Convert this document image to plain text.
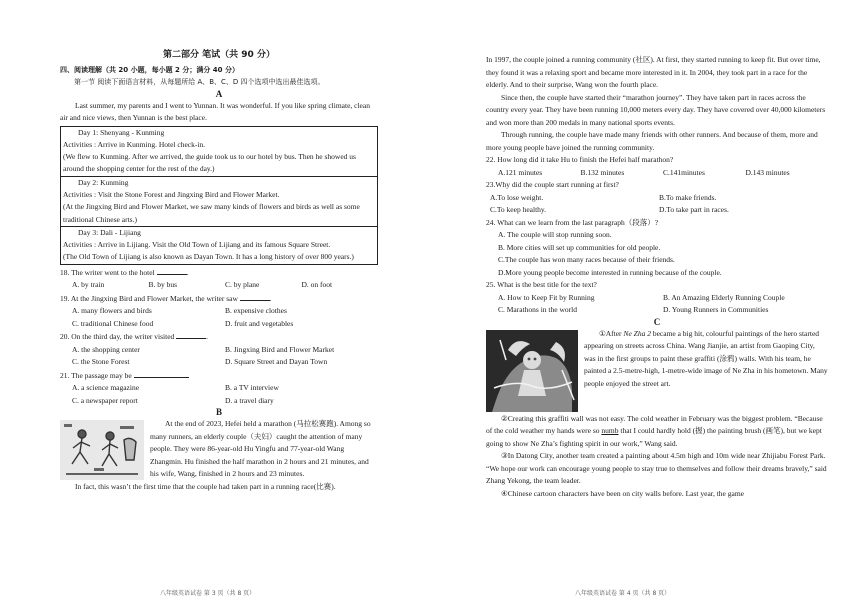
第二部分 笔试（共 90 分）

四、阅读理解（共 20 小题，每小题 2 分；满分 40 分）

第一节 阅读下面语言材料，从每题所给 A、B、C、D 四个选项中选出最佳选项。

A

Last summer, my parents and I went to Yunnan. It was wonderful. If you like spring climate, clean air and nice views, then Yunnan is the best place.

Day 1: Shenyang - Kunming

Activities : Arrive in Kunming. Hotel check-in.

(We flew to Kunming. After we arrived, the guide took us to our hotel by bus. Then he showed us around the shopping center for the rest of the day.)

Day 2: Kunming

Activities : Visit the Stone Forest and Jingxing Bird and Flower Market.

(At the Jingxing Bird and Flower Market, we saw many kinds of flowers and birds as well as some traditional Chinese arts.)

Day 3: Dali - Lijiang

Activities : Arrive in Lijiang. Visit the Old Town of Lijiang and its famous Square Street.

(The Old Town of Lijiang is also known as Dayan Town. It has a long history of over 800 years.)

18. The writer went to the hotel	.

A. by train	B. by bus	C. by plane	D. on foot

19. At the Jingxing Bird and Flower Market, the writer saw	.

A. many flowers and birds	B. expensive clothes
C. traditional Chinese food	D. fruit and vegetables

20. On the third day, the writer visited	.

A. the shopping center	B. Jingxing Bird and Flower Market
C. the Stone Forest	D. Square Street and Dayan Town

21. The passage may be

A. a science magazine	B. a TV interview
C. a newspaper report	D. a travel diary

B

At the end of 2023, Hefei held a marathon (马拉松赛跑). Among so many runners, an elderly couple（夫妇）caught the attention of many people. They were 86-year-old Hu Yingfu and 77-year-old Wang Zhangmin. Hu finished the half marathon in 2 hours and 21 minutes, and his wife, Wang, finished in 2 hours and 23 minutes.

In fact, this wasn’t the first time that the couple had taken part in a running race(比赛).

八年级英语试卷 第 3 页（共 8 页）

In 1997, the couple joined a running community (社区). At first, they started running to keep fit. But over time, they found it was a relaxing sport and became more interested in it. In 2004, they took part in a race for the elderly. And to their surprise, Wang won the fourth place.

Since then, the couple have started their “marathon journey”. They have taken part in races across the country every year. They have been running 10,000 meters every day. They have covered over 40,000 kilometers and won more than 200 medals in many national sports events.

Through running, the couple have made many friends with other runners. And because of them, more and more young people have joined the running community.

22. How long did it take Hu to finish the Hefei half marathon?

A.121 minutes	B.132 minutes	C.141minutes	D.143 minutes

23.Why did the couple start running at first?

A.To lose weight.	B.To make friends.
C.To keep healthy.	D.To take part in races.

24. What can we learn from the last paragraph（段落）?

A. The couple will stop running soon.

B. More cities will set up communities for old people.

C.The couple has won many races because of their friends.

D.More young people become interested in running because of the couple.

25. What is the best title for the text?

A. How to Keep Fit by Running	B. An Amazing Elderly Running Couple
C. Marathons in the world	D. Young Runners in Communities

C

①After Ne Zha 2 became a big hit, colourful paintings of the hero started appearing on streets across China. Wang Jianjie, an artist from Gaoping City, was in the first groups to paint these graffiti (涂鸦) walls. With his team, he painted a 2.5-metre-high, 1-metre-wide image of Ne Zha in his hometown. Many people enjoyed the street art.

②Creating this graffiti wall was not easy. The cold weather in February was the biggest problem. “Because of the cold weather my hands were so numb that I could hardly hold (握) the painting brush (画笔), but we kept going to show Ne Zha’s fighting spirit in our work,” Wang said.

③In Datong City, another team created a painting about 4.5m high and 10m wide near Zhijiabu Forest Park. “We hope our work can encourage young people to stay true to themselves and follow their dreams bravely,” said Zhang Yekong, the team leader.

④Chinese cartoon characters have been on city walls before. Last year, the game

八年级英语试卷 第 4 页（共 8 页）
